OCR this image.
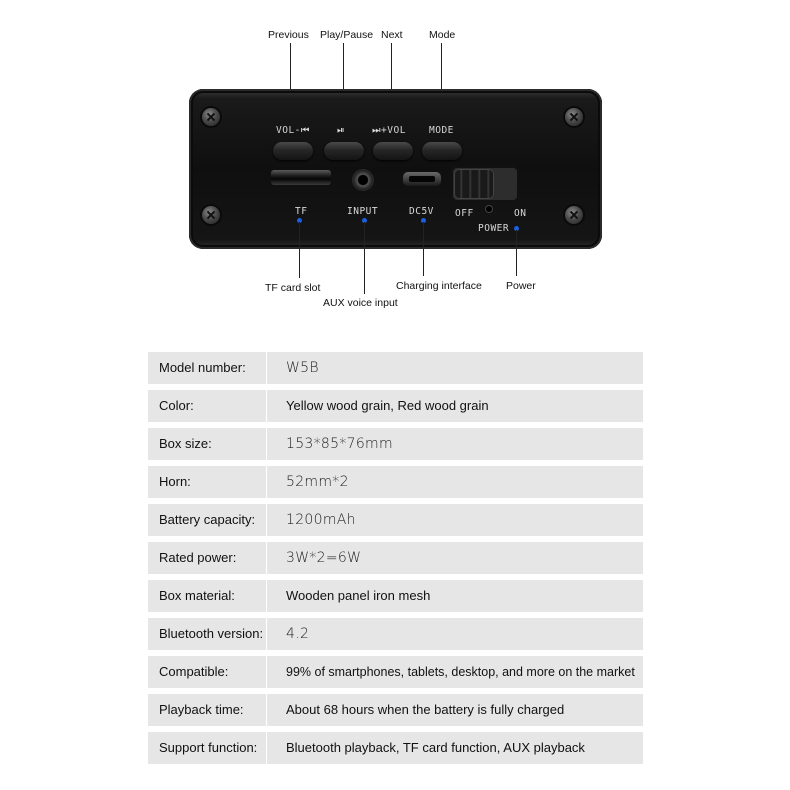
Previous Play/Pause Next	Mode
VOL-⏮	⏯	⏭+VOL MODE
TF	INPUT	DC5V OFF	ON
POWER
TF card slot
AUX voice input
Charging interface Power
Model number:	W5B
Color:	Yellow wood grain, Red wood grain
Box size:	153*85*76mm
Horn:	52mm*2
Battery capacity:	1200mAh
Rated power:	3W*2=6W
Box material:	Wooden panel iron mesh
Bluetooth version:	4.2
Compatible:	99% of smartphones, tablets, desktop, and more on the market
Playback time:	About 68 hours when the battery is fully charged
Support function:	Bluetooth playback, TF card function, AUX playback
